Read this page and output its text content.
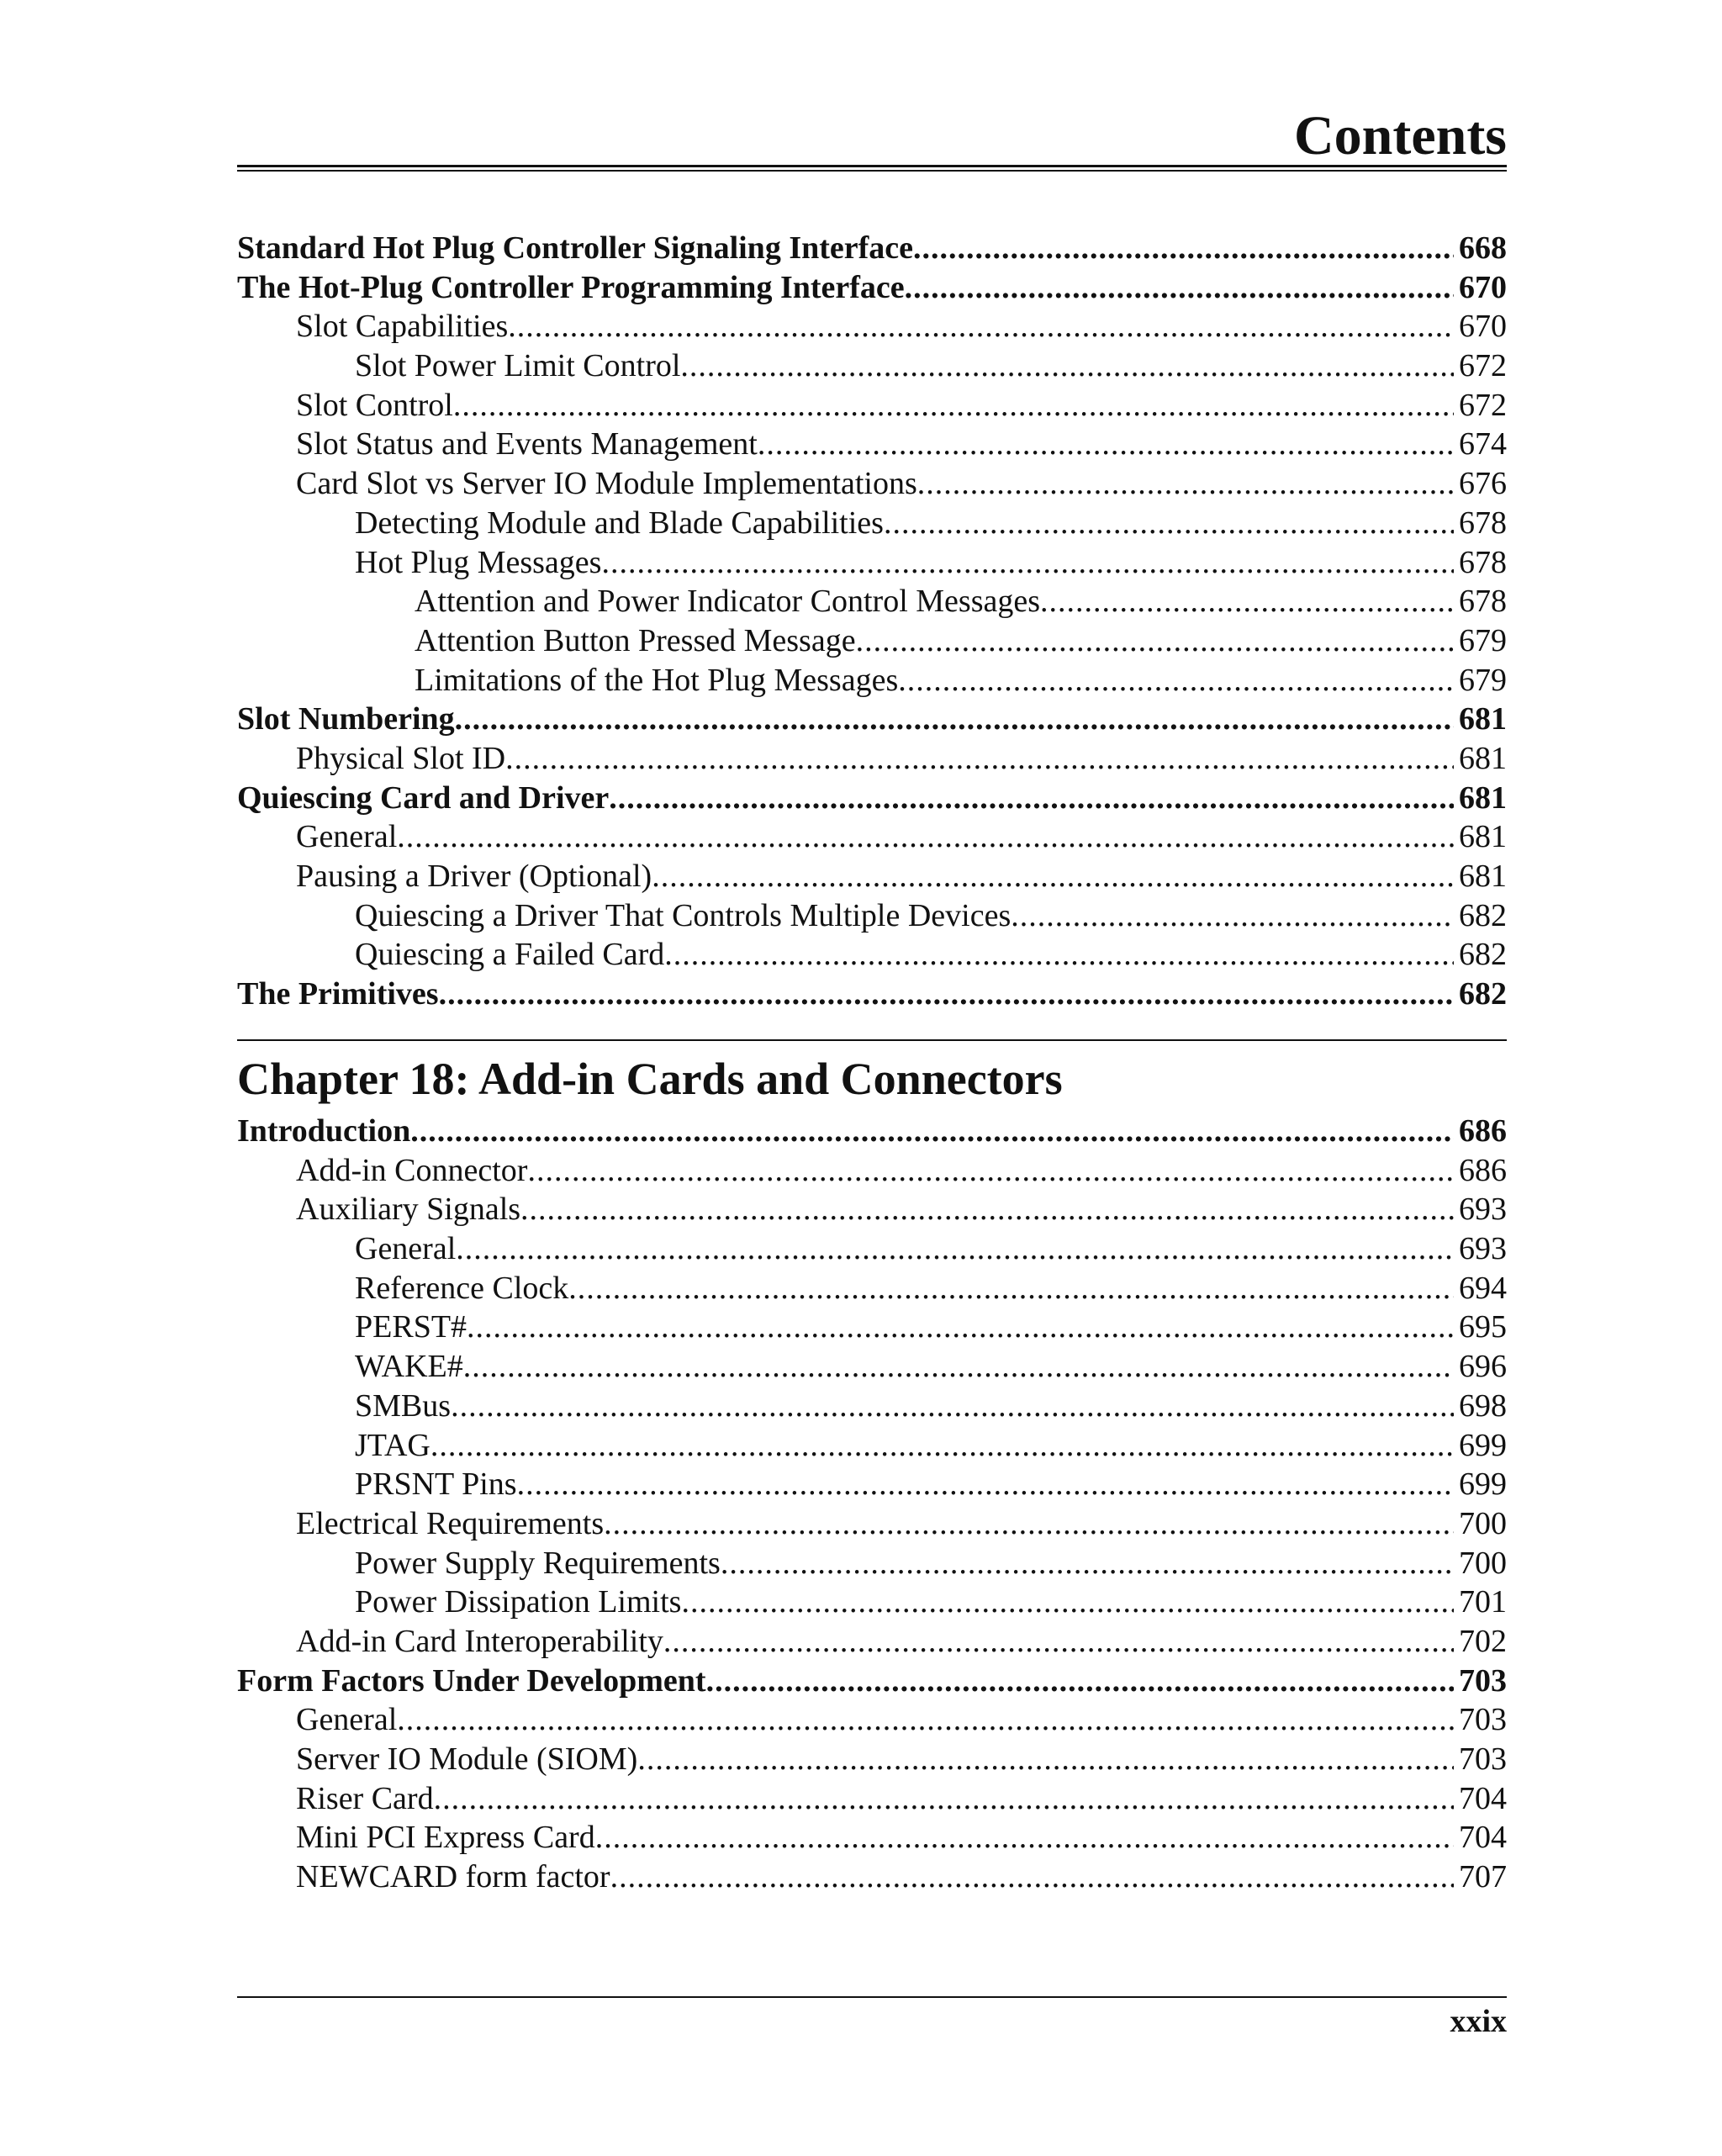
Contents
Standard Hot Plug Controller Signaling Interface .....	668
The Hot-Plug Controller Programming Interface .....	670
Slot Capabilities .....	670
Slot Power Limit Control .....	672
Slot Control .....	672
Slot Status and Events Management .....	674
Card Slot vs Server IO Module Implementations .....	676
Detecting Module and Blade Capabilities .....	678
Hot Plug Messages .....	678
Attention and Power Indicator Control Messages .....	678
Attention Button Pressed Message .....	679
Limitations of the Hot Plug Messages .....	679
Slot Numbering .....	681
Physical Slot ID .....	681
Quiescing Card and Driver .....	681
General .....	681
Pausing a Driver (Optional) .....	681
Quiescing a Driver That Controls Multiple Devices .....	682
Quiescing a Failed Card .....	682
The Primitives .....	682
Chapter 18: Add-in Cards and Connectors
Introduction .....	686
Add-in Connector .....	686
Auxiliary Signals .....	693
General .....	693
Reference Clock .....	694
PERST# .....	695
WAKE# .....	696
SMBus .....	698
JTAG .....	699
PRSNT Pins .....	699
Electrical Requirements .....	700
Power Supply Requirements .....	700
Power Dissipation Limits .....	701
Add-in Card Interoperability .....	702
Form Factors Under Development .....	703
General .....	703
Server IO Module (SIOM) .....	703
Riser Card .....	704
Mini PCI Express Card .....	704
NEWCARD form factor .....	707
xxix
